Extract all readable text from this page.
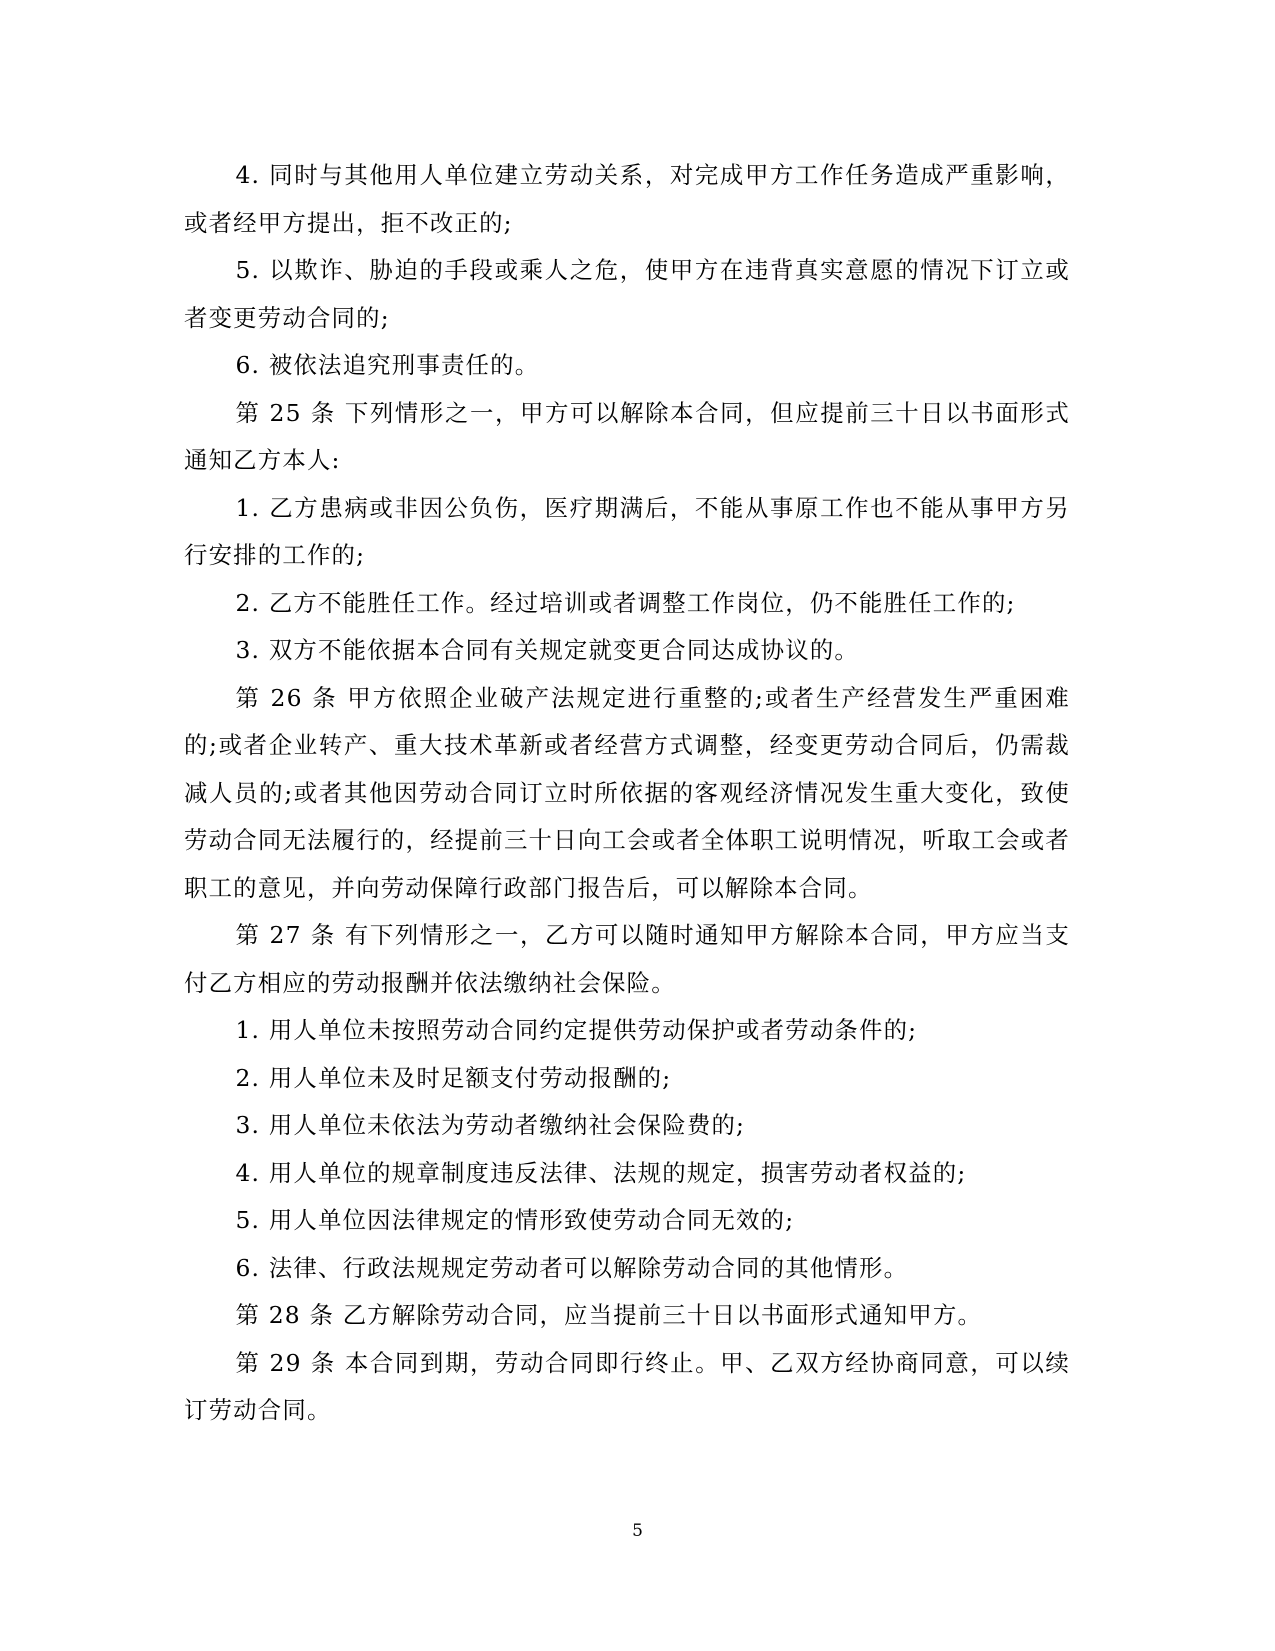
4. 同时与其他用人单位建立劳动关系，对完成甲方工作任务造成严重影响，或者经甲方提出，拒不改正的;

5. 以欺诈、胁迫的手段或乘人之危，使甲方在违背真实意愿的情况下订立或者变更劳动合同的;

6. 被依法追究刑事责任的。

第 25 条 下列情形之一，甲方可以解除本合同，但应提前三十日以书面形式通知乙方本人:

1. 乙方患病或非因公负伤，医疗期满后，不能从事原工作也不能从事甲方另行安排的工作的;

2. 乙方不能胜任工作。经过培训或者调整工作岗位，仍不能胜任工作的;

3. 双方不能依据本合同有关规定就变更合同达成协议的。

第 26 条 甲方依照企业破产法规定进行重整的;或者生产经营发生严重困难的;或者企业转产、重大技术革新或者经营方式调整，经变更劳动合同后，仍需裁减人员的;或者其他因劳动合同订立时所依据的客观经济情况发生重大变化，致使劳动合同无法履行的，经提前三十日向工会或者全体职工说明情况，听取工会或者职工的意见，并向劳动保障行政部门报告后，可以解除本合同。

第 27 条 有下列情形之一，乙方可以随时通知甲方解除本合同，甲方应当支付乙方相应的劳动报酬并依法缴纳社会保险。

1. 用人单位未按照劳动合同约定提供劳动保护或者劳动条件的;

2. 用人单位未及时足额支付劳动报酬的;

3. 用人单位未依法为劳动者缴纳社会保险费的;

4. 用人单位的规章制度违反法律、法规的规定，损害劳动者权益的;

5. 用人单位因法律规定的情形致使劳动合同无效的;

6. 法律、行政法规规定劳动者可以解除劳动合同的其他情形。

第 28 条 乙方解除劳动合同，应当提前三十日以书面形式通知甲方。

第 29 条 本合同到期，劳动合同即行终止。甲、乙双方经协商同意，可以续订劳动合同。

5
